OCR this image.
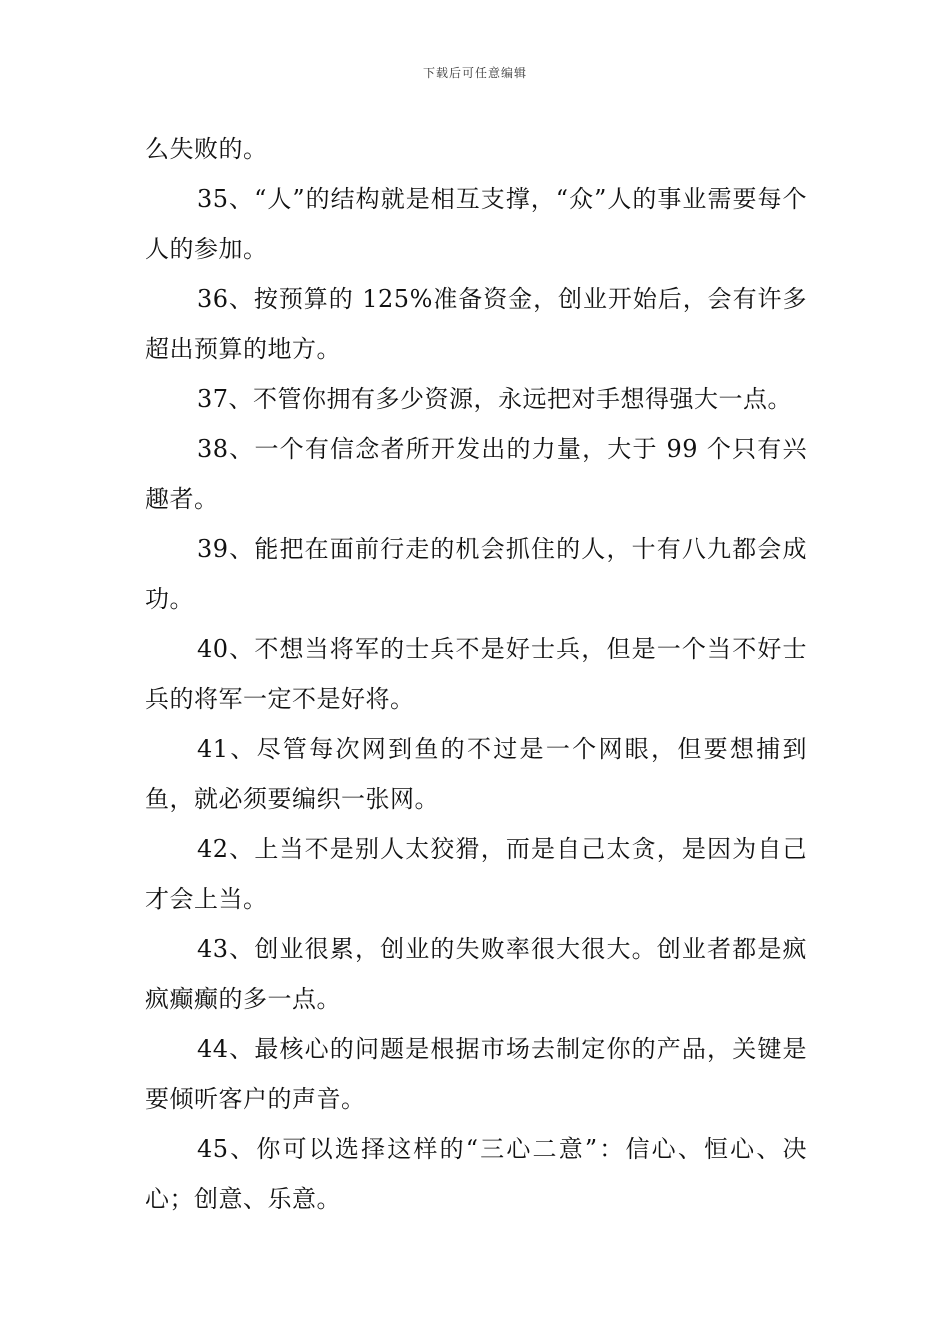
下载后可任意编辑

么失败的。

35、“人”的结构就是相互支撑，“众”人的事业需要每个人的参加。

36、按预算的 125%准备资金，创业开始后，会有许多超出预算的地方。

37、不管你拥有多少资源，永远把对手想得强大一点。

38、一个有信念者所开发出的力量，大于 99 个只有兴趣者。

39、能把在面前行走的机会抓住的人，十有八九都会成功。

40、不想当将军的士兵不是好士兵，但是一个当不好士兵的将军一定不是好将。

41、尽管每次网到鱼的不过是一个网眼，但要想捕到鱼，就必须要编织一张网。

42、上当不是别人太狡猾，而是自己太贪，是因为自己才会上当。

43、创业很累，创业的失败率很大很大。创业者都是疯疯癫癫的多一点。

44、最核心的问题是根据市场去制定你的产品，关键是要倾听客户的声音。

45、你可以选择这样的“三心二意”：信心、恒心、决心；创意、乐意。
